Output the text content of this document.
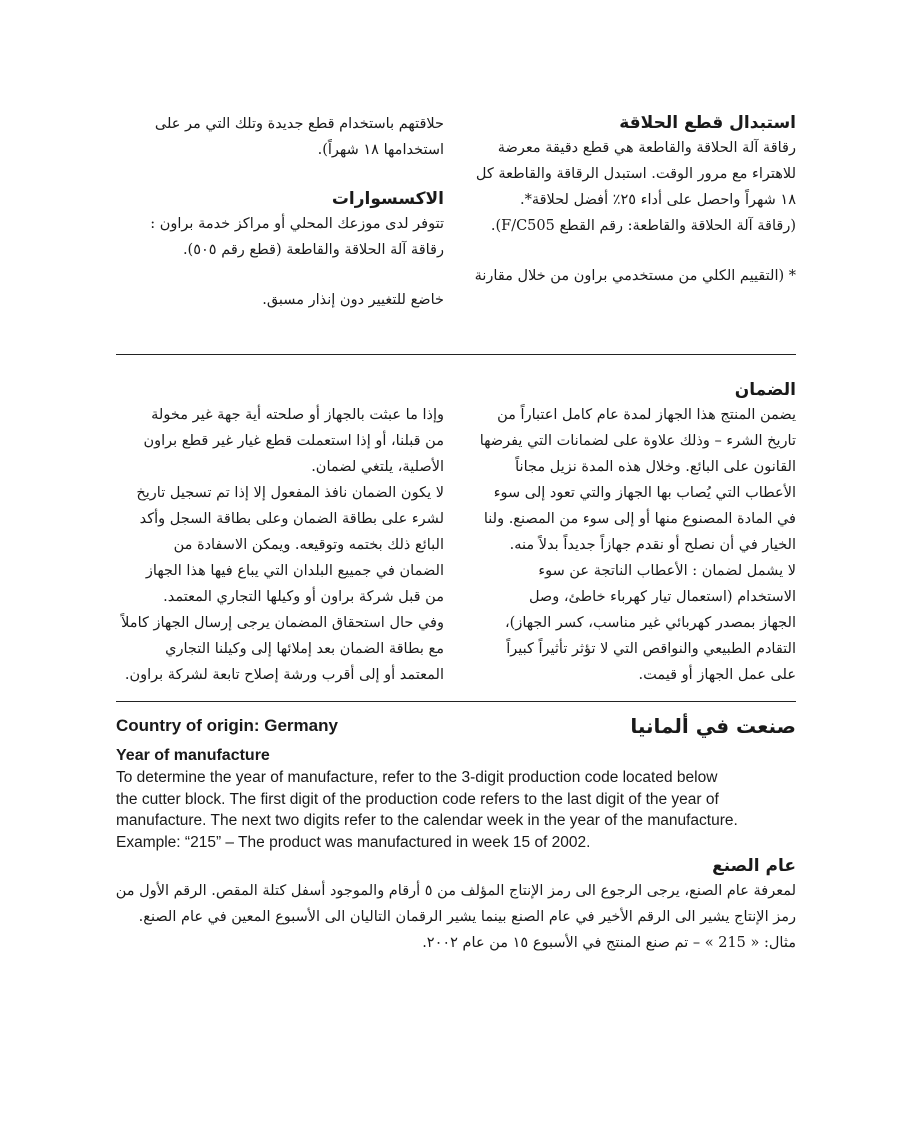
استبدال قطع الحلاقة
رقاقة آلة الحلاقة والقاطعة هي قطع دقيقة معرضة
للاهتراء مع مرور الوقت. استبدل الرقاقة والقاطعة كل
١٨ شهراً واحصل على أداء ٢٥٪ أفضل لحلاقة*.
(رقاقة آلة الحلاقة والقاطعة: رقم القطع F/C505).
* (التقييم الكلي من مستخدمي براون من خلال مقارنة
حلاقتهم باستخدام قطع جديدة وتلك التي مر على
استخدامها ١٨ شهراً).
الاكسسوارات
تتوفر لدى موزعك المحلي أو مراكز خدمة براون :
رقاقة آلة الحلاقة والقاطعة (قطع رقم ٥٠٥).
خاضع للتغيير دون إنذار مسبق.
الضمان
يضمن المنتج هذا الجهاز لمدة عام كامل اعتباراً من
تاريخ الشرء – وذلك علاوة على لضمانات التي يفرضها
القانون على البائع. وخلال هذه المدة نزيل مجاناً
الأعطاب التي يُصاب بها الجهاز والتي تعود إلى سوء
في المادة المصنوع منها أو إلى سوء من المصنع. ولنا
الخيار في أن نصلح أو نقدم جهازاً جديداً بدلاً منه.
لا يشمل لضمان : الأعطاب الناتجة عن سوء
الاستخدام (استعمال تيار كهرباء خاطئ، وصل
الجهاز بمصدر كهربائي غير مناسب، كسر الجهاز)،
التقادم الطبيعي والنواقص التي لا تؤثر تأثيراً كبيراً
على عمل الجهاز أو قيمت.
وإذا ما عبثت بالجهاز أو صلحته أية جهة غير مخولة
من قبلنا، أو إذا استعملت قطع غيار غير قطع براون
الأصلية، يلتغي لضمان.
لا يكون الضمان نافذ المفعول إلا إذا تم تسجيل تاريخ
لشرء على بطاقة الضمان وعلى بطاقة السجل وأكد
البائع ذلك بختمه وتوقيعه. ويمكن الاسفادة من
الضمان في جمييع البلدان التي يباع فيها هذا الجهاز
من قبل شركة براون أو وكيلها التجاري المعتمد.
وفي حال استحقاق المضمان يرجى إرسال الجهاز كاملاً
مع بطاقة الضمان بعد إملائها إلى وكيلنا التجاري
المعتمد أو إلى أقرب ورشة إصلاح تابعة لشركة براون.
Country of origin: Germany	صنعت في ألمانيا
Year of manufacture
To determine the year of manufacture, refer to the 3-digit production code located below
the cutter block. The first digit of the production code refers to the last digit of the year of
manufacture. The next two digits refer to the calendar week in the year of the manufacture.
Example: “215” – The product was manufactured in week 15 of 2002.
عام الصنع
لمعرفة عام الصنع، يرجى الرجوع الى رمز الإنتاج المؤلف من ٥ أرقام والموجود أسفل كتلة المقص. الرقم الأول من
رمز الإنتاج يشير الى الرقم الأخير في عام الصنع بينما يشير الرقمان التاليان الى الأسبوع المعين في عام الصنع.
مثال: « 215 » – تم صنع المنتج في الأسبوع ١٥ من عام ٢٠٠٢.
